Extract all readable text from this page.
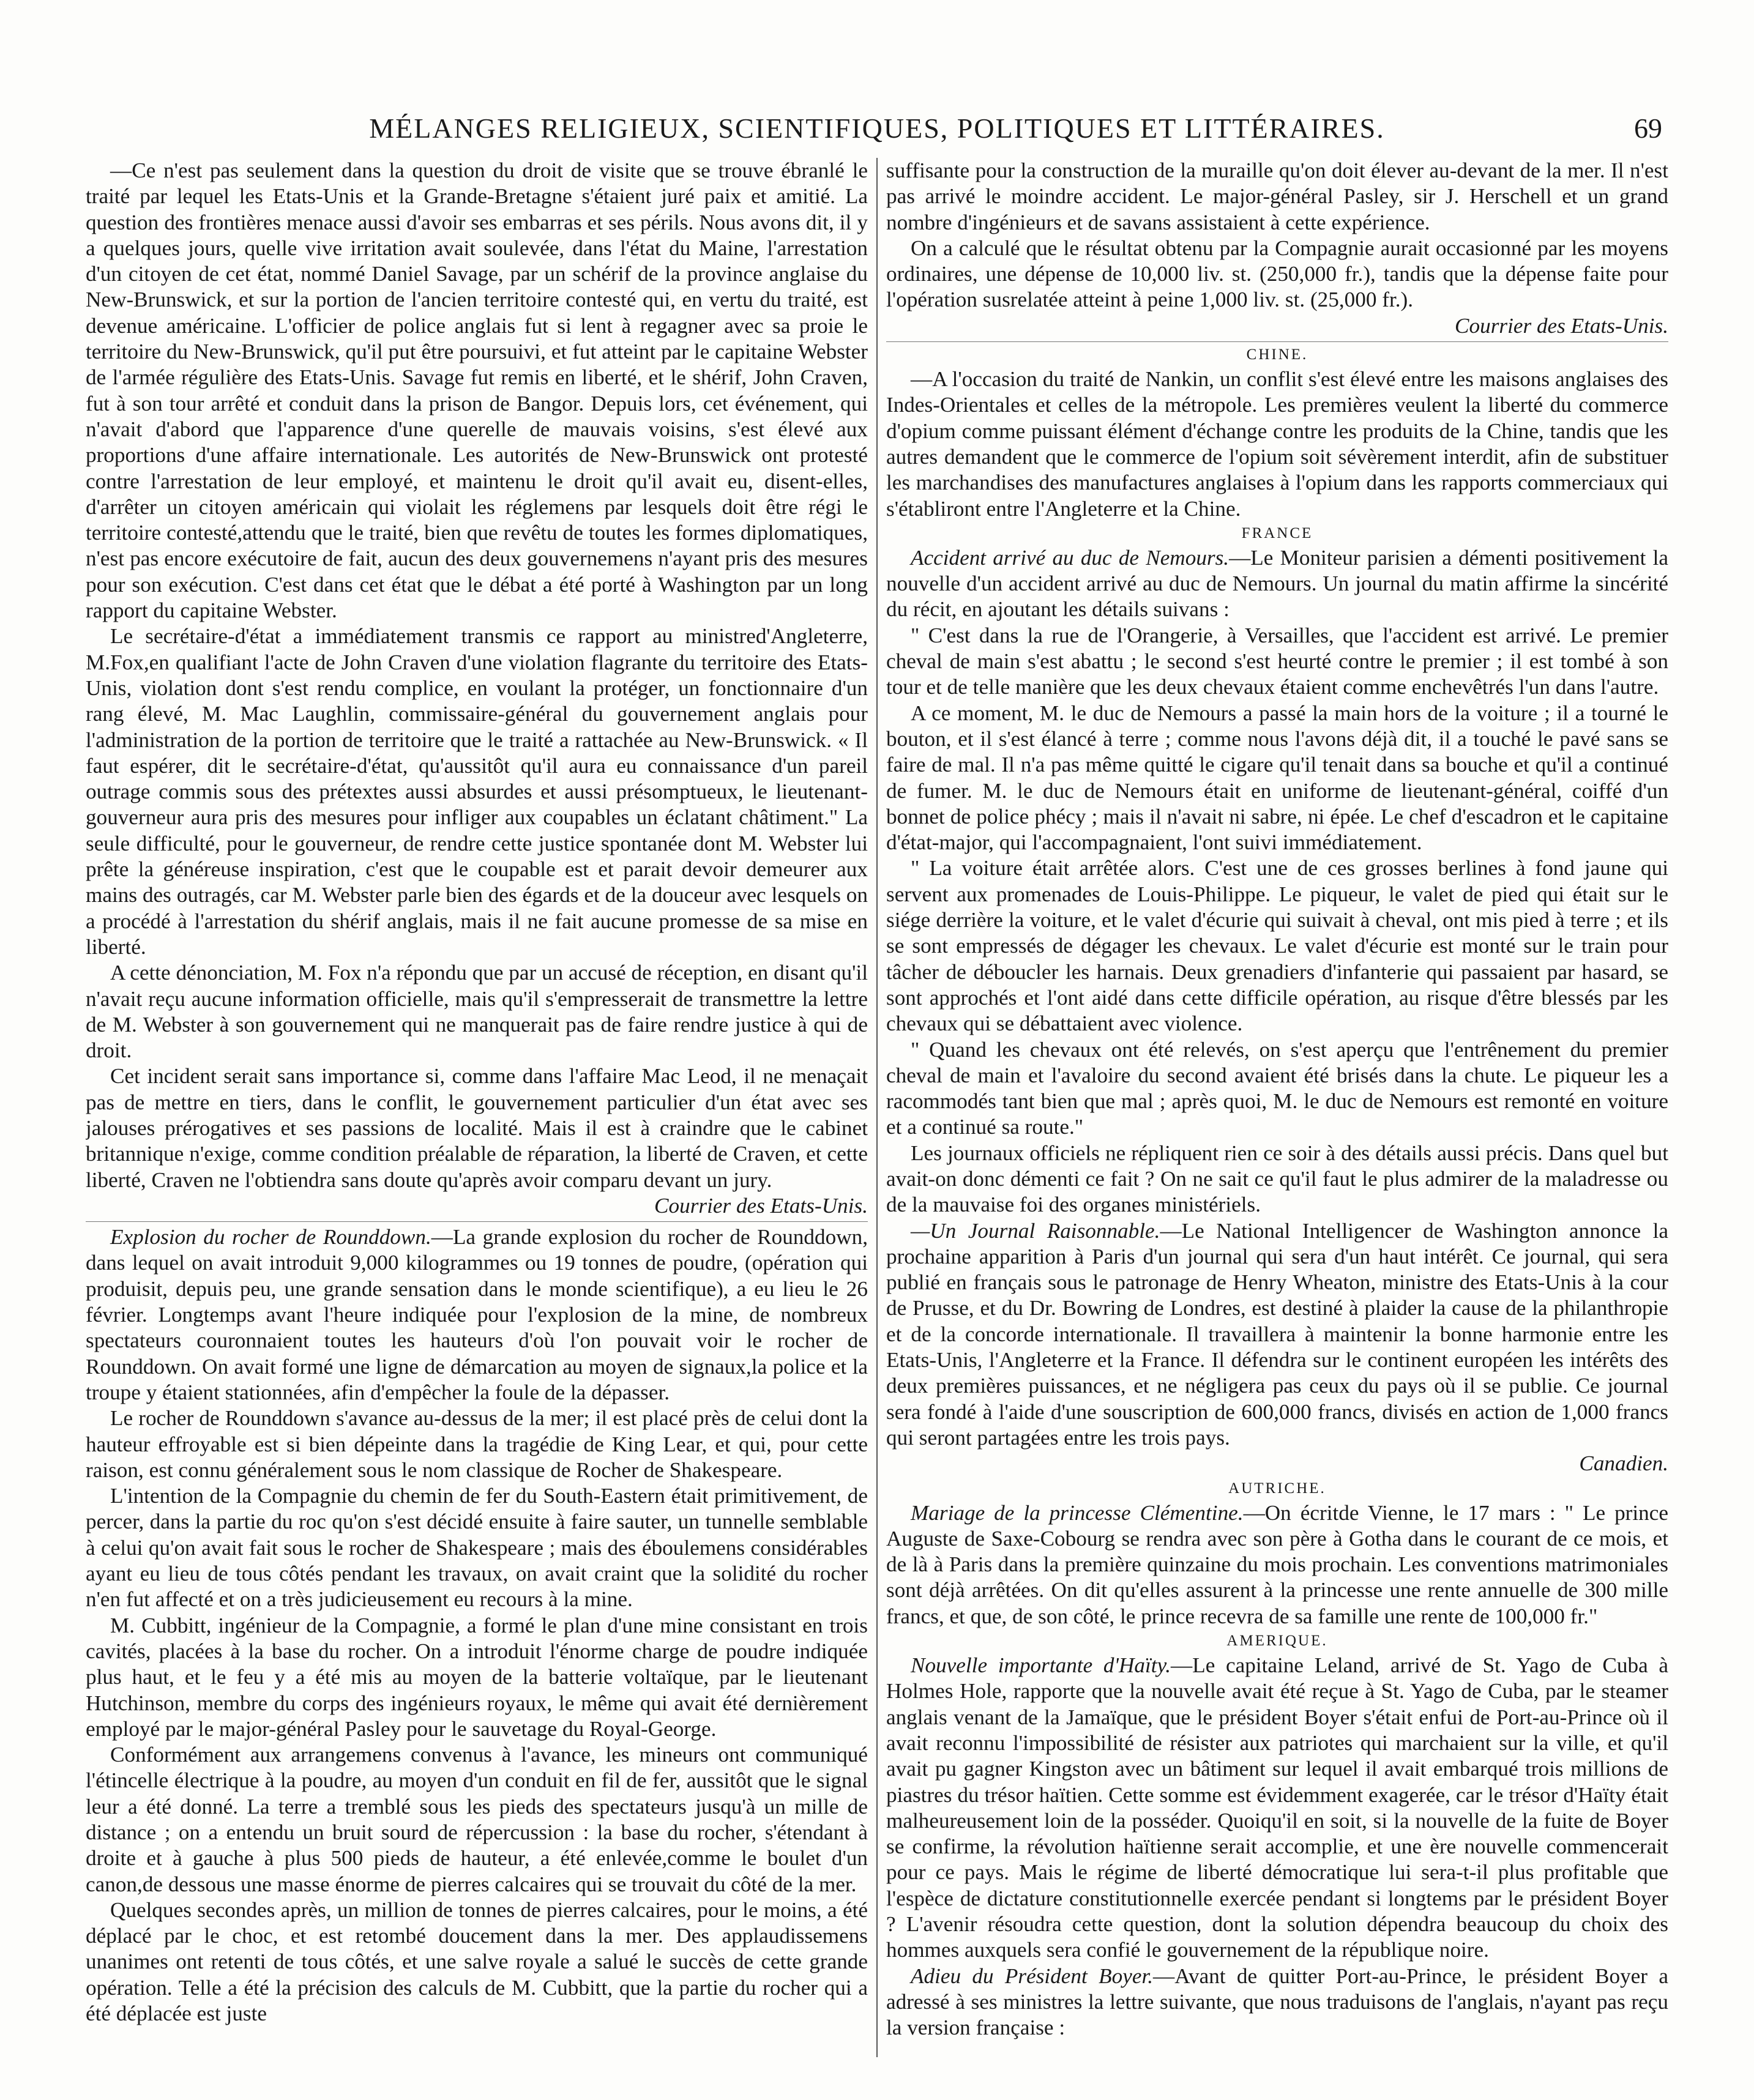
MÉLANGES RELIGIEUX, SCIENTIFIQUES, POLITIQUES ET LITTÉRAIRES.	69

—Ce n'est pas seulement dans la question du droit de visite que se trouve ébranlé le traité par lequel les Etats-Unis et la Grande-Bretagne s'étaient juré paix et amitié. La question des frontières menace aussi d'avoir ses embarras et ses périls. Nous avons dit, il y a quelques jours, quelle vive irritation avait soulevée, dans l'état du Maine, l'arrestation d'un citoyen de cet état, nommé Daniel Savage, par un schérif de la province anglaise du New-Brunswick, et sur la portion de l'ancien territoire contesté qui, en vertu du traité, est devenue américaine. L'officier de police anglais fut si lent à regagner avec sa proie le territoire du New-Brunswick, qu'il put être poursuivi, et fut atteint par le capitaine Webster de l'armée régulière des Etats-Unis. Savage fut remis en liberté, et le shérif, John Craven, fut à son tour arrêté et conduit dans la prison de Bangor. Depuis lors, cet événement, qui n'avait d'abord que l'apparence d'une querelle de mauvais voisins, s'est élevé aux proportions d'une affaire internationale. Les autorités de New-Brunswick ont protesté contre l'arrestation de leur employé, et maintenu le droit qu'il avait eu, disent-elles, d'arrêter un citoyen américain qui violait les réglemens par lesquels doit être régi le territoire contesté,attendu que le traité, bien que revêtu de toutes les formes diplomatiques, n'est pas encore exécutoire de fait, aucun des deux gouvernemens n'ayant pris des mesures pour son exécution. C'est dans cet état que le débat a été porté à Washington par un long rapport du capitaine Webster.

Le secrétaire-d'état a immédiatement transmis ce rapport au ministred'Angleterre, M.Fox,en qualifiant l'acte de John Craven d'une violation flagrante du territoire des Etats-Unis, violation dont s'est rendu complice, en voulant la protéger, un fonctionnaire d'un rang élevé, M. Mac Laughlin, commissaire-général du gouvernement anglais pour l'administration de la portion de territoire que le traité a rattachée au New-Brunswick. « Il faut espérer, dit le secrétaire-d'état, qu'aussitôt qu'il aura eu connaissance d'un pareil outrage commis sous des prétextes aussi absurdes et aussi présomptueux, le lieutenant-gouverneur aura pris des mesures pour infliger aux coupables un éclatant châtiment." La seule difficulté, pour le gouverneur, de rendre cette justice spontanée dont M. Webster lui prête la généreuse inspiration, c'est que le coupable est et parait devoir demeurer aux mains des outragés, car M. Webster parle bien des égards et de la douceur avec lesquels on a procédé à l'arrestation du shérif anglais, mais il ne fait aucune promesse de sa mise en liberté.

A cette dénonciation, M. Fox n'a répondu que par un accusé de réception, en disant qu'il n'avait reçu aucune information officielle, mais qu'il s'empresserait de transmettre la lettre de M. Webster à son gouvernement qui ne manquerait pas de faire rendre justice à qui de droit.

Cet incident serait sans importance si, comme dans l'affaire Mac Leod, il ne menaçait pas de mettre en tiers, dans le conflit, le gouvernement particulier d'un état avec ses jalouses prérogatives et ses passions de localité. Mais il est à craindre que le cabinet britannique n'exige, comme condition préalable de réparation, la liberté de Craven, et cette liberté, Craven ne l'obtiendra sans doute qu'après avoir comparu devant un jury.

Courrier des Etats-Unis.

Explosion du rocher de Rounddown.—La grande explosion du rocher de Rounddown, dans lequel on avait introduit 9,000 kilogrammes ou 19 tonnes de poudre, (opération qui produisit, depuis peu, une grande sensation dans le monde scientifique), a eu lieu le 26 février. Longtemps avant l'heure indiquée pour l'explosion de la mine, de nombreux spectateurs couronnaient toutes les hauteurs d'où l'on pouvait voir le rocher de Rounddown. On avait formé une ligne de démarcation au moyen de signaux,la police et la troupe y étaient stationnées, afin d'empêcher la foule de la dépasser.

Le rocher de Rounddown s'avance au-dessus de la mer; il est placé près de celui dont la hauteur effroyable est si bien dépeinte dans la tragédie de King Lear, et qui, pour cette raison, est connu généralement sous le nom classique de Rocher de Shakespeare.

L'intention de la Compagnie du chemin de fer du South-Eastern était primitivement, de percer, dans la partie du roc qu'on s'est décidé ensuite à faire sauter, un tunnelle semblable à celui qu'on avait fait sous le rocher de Shakespeare ; mais des éboulemens considérables ayant eu lieu de tous côtés pendant les travaux, on avait craint que la solidité du rocher n'en fut affecté et on a très judicieusement eu recours à la mine.

M. Cubbitt, ingénieur de la Compagnie, a formé le plan d'une mine consistant en trois cavités, placées à la base du rocher. On a introduit l'énorme charge de poudre indiquée plus haut, et le feu y a été mis au moyen de la batterie voltaïque, par le lieutenant Hutchinson, membre du corps des ingénieurs royaux, le même qui avait été dernièrement employé par le major-général Pasley pour le sauvetage du Royal-George.

Conformément aux arrangemens convenus à l'avance, les mineurs ont communiqué l'étincelle électrique à la poudre, au moyen d'un conduit en fil de fer, aussitôt que le signal leur a été donné. La terre a tremblé sous les pieds des spectateurs jusqu'à un mille de distance ; on a entendu un bruit sourd de répercussion : la base du rocher, s'étendant à droite et à gauche à plus 500 pieds de hauteur, a été enlevée,comme le boulet d'un canon,de dessous une masse énorme de pierres calcaires qui se trouvait du côté de la mer.

Quelques secondes après, un million de tonnes de pierres calcaires, pour le moins, a été déplacé par le choc, et est retombé doucement dans la mer. Des applaudissemens unanimes ont retenti de tous côtés, et une salve royale a salué le succès de cette grande opération. Telle a été la précision des calculs de M. Cubbitt, que la partie du rocher qui a été déplacée est juste

suffisante pour la construction de la muraille qu'on doit élever au-devant de la mer. Il n'est pas arrivé le moindre accident. Le major-général Pasley, sir J. Herschell et un grand nombre d'ingénieurs et de savans assistaient à cette expérience.

On a calculé que le résultat obtenu par la Compagnie aurait occasionné par les moyens ordinaires, une dépense de 10,000 liv. st. (250,000 fr.), tandis que la dépense faite pour l'opération susrelatée atteint à peine 1,000 liv. st. (25,000 fr.).

Courrier des Etats-Unis.

CHINE.

—A l'occasion du traité de Nankin, un conflit s'est élevé entre les maisons anglaises des Indes-Orientales et celles de la métropole. Les premières veulent la liberté du commerce d'opium comme puissant élément d'échange contre les produits de la Chine, tandis que les autres demandent que le commerce de l'opium soit sévèrement interdit, afin de substituer les marchandises des manufactures anglaises à l'opium dans les rapports commerciaux qui s'établiront entre l'Angleterre et la Chine.

FRANCE

Accident arrivé au duc de Nemours.—Le Moniteur parisien a démenti positivement la nouvelle d'un accident arrivé au duc de Nemours. Un journal du matin affirme la sincérité du récit, en ajoutant les détails suivans :

" C'est dans la rue de l'Orangerie, à Versailles, que l'accident est arrivé. Le premier cheval de main s'est abattu ; le second s'est heurté contre le premier ; il est tombé à son tour et de telle manière que les deux chevaux étaient comme enchevêtrés l'un dans l'autre.

A ce moment, M. le duc de Nemours a passé la main hors de la voiture ; il a tourné le bouton, et il s'est élancé à terre ; comme nous l'avons déjà dit, il a touché le pavé sans se faire de mal. Il n'a pas même quitté le cigare qu'il tenait dans sa bouche et qu'il a continué de fumer. M. le duc de Nemours était en uniforme de lieutenant-général, coiffé d'un bonnet de police phécy ; mais il n'avait ni sabre, ni épée. Le chef d'escadron et le capitaine d'état-major, qui l'accompagnaient, l'ont suivi immédiatement.

" La voiture était arrêtée alors. C'est une de ces grosses berlines à fond jaune qui servent aux promenades de Louis-Philippe. Le piqueur, le valet de pied qui était sur le siége derrière la voiture, et le valet d'écurie qui suivait à cheval, ont mis pied à terre ; et ils se sont empressés de dégager les chevaux. Le valet d'écurie est monté sur le train pour tâcher de déboucler les harnais. Deux grenadiers d'infanterie qui passaient par hasard, se sont approchés et l'ont aidé dans cette difficile opération, au risque d'être blessés par les chevaux qui se débattaient avec violence.

" Quand les chevaux ont été relevés, on s'est aperçu que l'entrênement du premier cheval de main et l'avaloire du second avaient été brisés dans la chute. Le piqueur les a racommodés tant bien que mal ; après quoi, M. le duc de Nemours est remonté en voiture et a continué sa route."

Les journaux officiels ne répliquent rien ce soir à des détails aussi précis. Dans quel but avait-on donc démenti ce fait ? On ne sait ce qu'il faut le plus admirer de la maladresse ou de la mauvaise foi des organes ministériels.

—Un Journal Raisonnable.—Le National Intelligencer de Washington annonce la prochaine apparition à Paris d'un journal qui sera d'un haut intérêt. Ce journal, qui sera publié en français sous le patronage de Henry Wheaton, ministre des Etats-Unis à la cour de Prusse, et du Dr. Bowring de Londres, est destiné à plaider la cause de la philanthropie et de la concorde internationale. Il travaillera à maintenir la bonne harmonie entre les Etats-Unis, l'Angleterre et la France. Il défendra sur le continent européen les intérêts des deux premières puissances, et ne négligera pas ceux du pays où il se publie. Ce journal sera fondé à l'aide d'une souscription de 600,000 francs, divisés en action de 1,000 francs qui seront partagées entre les trois pays.

Canadien.

AUTRICHE.

Mariage de la princesse Clémentine.—On écritde Vienne, le 17 mars : " Le prince Auguste de Saxe-Cobourg se rendra avec son père à Gotha dans le courant de ce mois, et de là à Paris dans la première quinzaine du mois prochain. Les conventions matrimoniales sont déjà arrêtées. On dit qu'elles assurent à la princesse une rente annuelle de 300 mille francs, et que, de son côté, le prince recevra de sa famille une rente de 100,000 fr."

AMERIQUE.

Nouvelle importante d'Haïty.—Le capitaine Leland, arrivé de St. Yago de Cuba à Holmes Hole, rapporte que la nouvelle avait été reçue à St. Yago de Cuba, par le steamer anglais venant de la Jamaïque, que le président Boyer s'était enfui de Port-au-Prince où il avait reconnu l'impossibilité de résister aux patriotes qui marchaient sur la ville, et qu'il avait pu gagner Kingston avec un bâtiment sur lequel il avait embarqué trois millions de piastres du trésor haïtien. Cette somme est évidemment exagerée, car le trésor d'Haïty était malheureusement loin de la posséder. Quoiqu'il en soit, si la nouvelle de la fuite de Boyer se confirme, la révolution haïtienne serait accomplie, et une ère nouvelle commencerait pour ce pays. Mais le régime de liberté démocratique lui sera-t-il plus profitable que l'espèce de dictature constitutionnelle exercée pendant si longtems par le président Boyer ? L'avenir résoudra cette question, dont la solution dépendra beaucoup du choix des hommes auxquels sera confié le gouvernement de la république noire.

Adieu du Président Boyer.—Avant de quitter Port-au-Prince, le président Boyer a adressé à ses ministres la lettre suivante, que nous traduisons de l'anglais, n'ayant pas reçu la version française :
